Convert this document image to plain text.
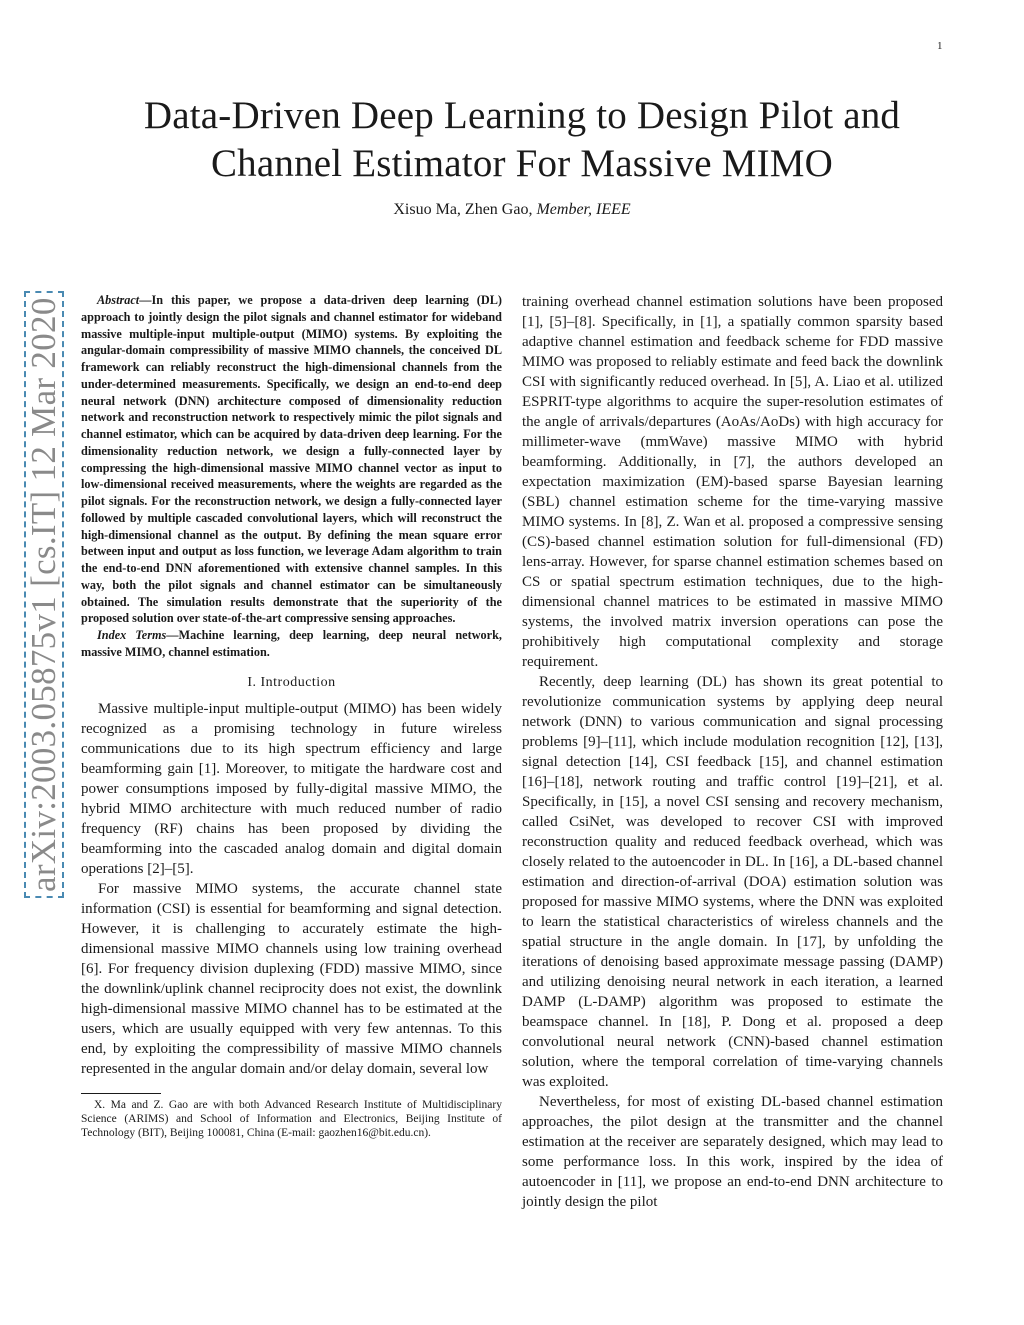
1
Data-Driven Deep Learning to Design Pilot and
Channel Estimator For Massive MIMO
Xisuo Ma, Zhen Gao, Member, IEEE
arXiv:2003.05875v1 [cs.IT] 12 Mar 2020	Abstract—In this paper, we propose a data-driven deep learning (DL) approach to jointly design the pilot signals and channel estimator for wideband massive multiple-input multiple-output (MIMO) systems. By exploiting the angular-domain compressibility of massive MIMO channels, the conceived DL framework can reliably reconstruct the high-dimensional channels from the under-determined measurements. Specifically, we design an end-to-end deep neural network (DNN) architecture composed of dimensionality reduction network and reconstruction network to respectively mimic the pilot signals and channel estimator, which can be acquired by data-driven deep learning. For the dimensionality reduction network, we design a fully-connected layer by compressing the high-dimensional massive MIMO channel vector as input to low-dimensional received measurements, where the weights are regarded as the pilot signals. For the reconstruction network, we design a fully-connected layer followed by multiple cascaded convolutional layers, which will reconstruct the high-dimensional channel as the output. By defining the mean square error between input and output as loss function, we leverage Adam algorithm to train the end-to-end DNN aforementioned with extensive channel samples. In this way, both the pilot signals and channel estimator can be simultaneously obtained. The simulation results demonstrate that the superiority of the proposed solution over state-of-the-art compressive sensing approaches.

Index Terms—Machine learning, deep learning, deep neural network, massive MIMO, channel estimation.

I. Introduction

Massive multiple-input multiple-output (MIMO) has been widely recognized as a promising technology in future wireless communications due to its high spectrum efficiency and large beamforming gain [1]. Moreover, to mitigate the hardware cost and power consumptions imposed by fully-digital massive MIMO, the hybrid MIMO architecture with much reduced number of radio frequency (RF) chains has been proposed by dividing the beamforming into the cascaded analog domain and digital domain operations [2]–[5].

For massive MIMO systems, the accurate channel state information (CSI) is essential for beamforming and signal detection. However, it is challenging to accurately estimate the high-dimensional massive MIMO channels using low training overhead [6]. For frequency division duplexing (FDD) massive MIMO, since the downlink/uplink channel reciprocity does not exist, the downlink high-dimensional massive MIMO channel has to be estimated at the users, which are usually equipped with very few antennas. To this end, by exploiting the compressibility of massive MIMO channels represented in the angular domain and/or delay domain, several low

X. Ma and Z. Gao are with both Advanced Research Institute of Multidisciplinary Science (ARIMS) and School of Information and Electronics, Beijing Institute of Technology (BIT), Beijing 100081, China (E-mail: gaozhen16@bit.edu.cn).

training overhead channel estimation solutions have been proposed [1], [5]–[8]. Specifically, in [1], a spatially common sparsity based adaptive channel estimation and feedback scheme for FDD massive MIMO was proposed to reliably estimate and feed back the downlink CSI with significantly reduced overhead. In [5], A. Liao et al. utilized ESPRIT-type algorithms to acquire the super-resolution estimates of the angle of arrivals/departures (AoAs/AoDs) with high accuracy for millimeter-wave (mmWave) massive MIMO with hybrid beamforming. Additionally, in [7], the authors developed an expectation maximization (EM)-based sparse Bayesian learning (SBL) channel estimation scheme for the time-varying massive MIMO systems. In [8], Z. Wan et al. proposed a compressive sensing (CS)-based channel estimation solution for full-dimensional (FD) lens-array. However, for sparse channel estimation schemes based on CS or spatial spectrum estimation techniques, due to the high-dimensional channel matrices to be estimated in massive MIMO systems, the involved matrix inversion operations can pose the prohibitively high computational complexity and storage requirement.

Recently, deep learning (DL) has shown its great potential to revolutionize communication systems by applying deep neural network (DNN) to various communication and signal processing problems [9]–[11], which include modulation recognition [12], [13], signal detection [14], CSI feedback [15], and channel estimation [16]–[18], network routing and traffic control [19]–[21], et al. Specifically, in [15], a novel CSI sensing and recovery mechanism, called CsiNet, was developed to recover CSI with improved reconstruction quality and reduced feedback overhead, which was closely related to the autoencoder in DL. In [16], a DL-based channel estimation and direction-of-arrival (DOA) estimation solution was proposed for massive MIMO systems, where the DNN was exploited to learn the statistical characteristics of wireless channels and the spatial structure in the angle domain. In [17], by unfolding the iterations of denoising based approximate message passing (DAMP) and utilizing denoising neural network in each iteration, a learned DAMP (L-DAMP) algorithm was proposed to estimate the beamspace channel. In [18], P. Dong et al. proposed a deep convolutional neural network (CNN)-based channel estimation solution, where the temporal correlation of time-varying channels was exploited.

Nevertheless, for most of existing DL-based channel estimation approaches, the pilot design at the transmitter and the channel estimation at the receiver are separately designed, which may lead to some performance loss. In this work, inspired by the idea of autoencoder in [11], we propose an end-to-end DNN architecture to jointly design the pilot
